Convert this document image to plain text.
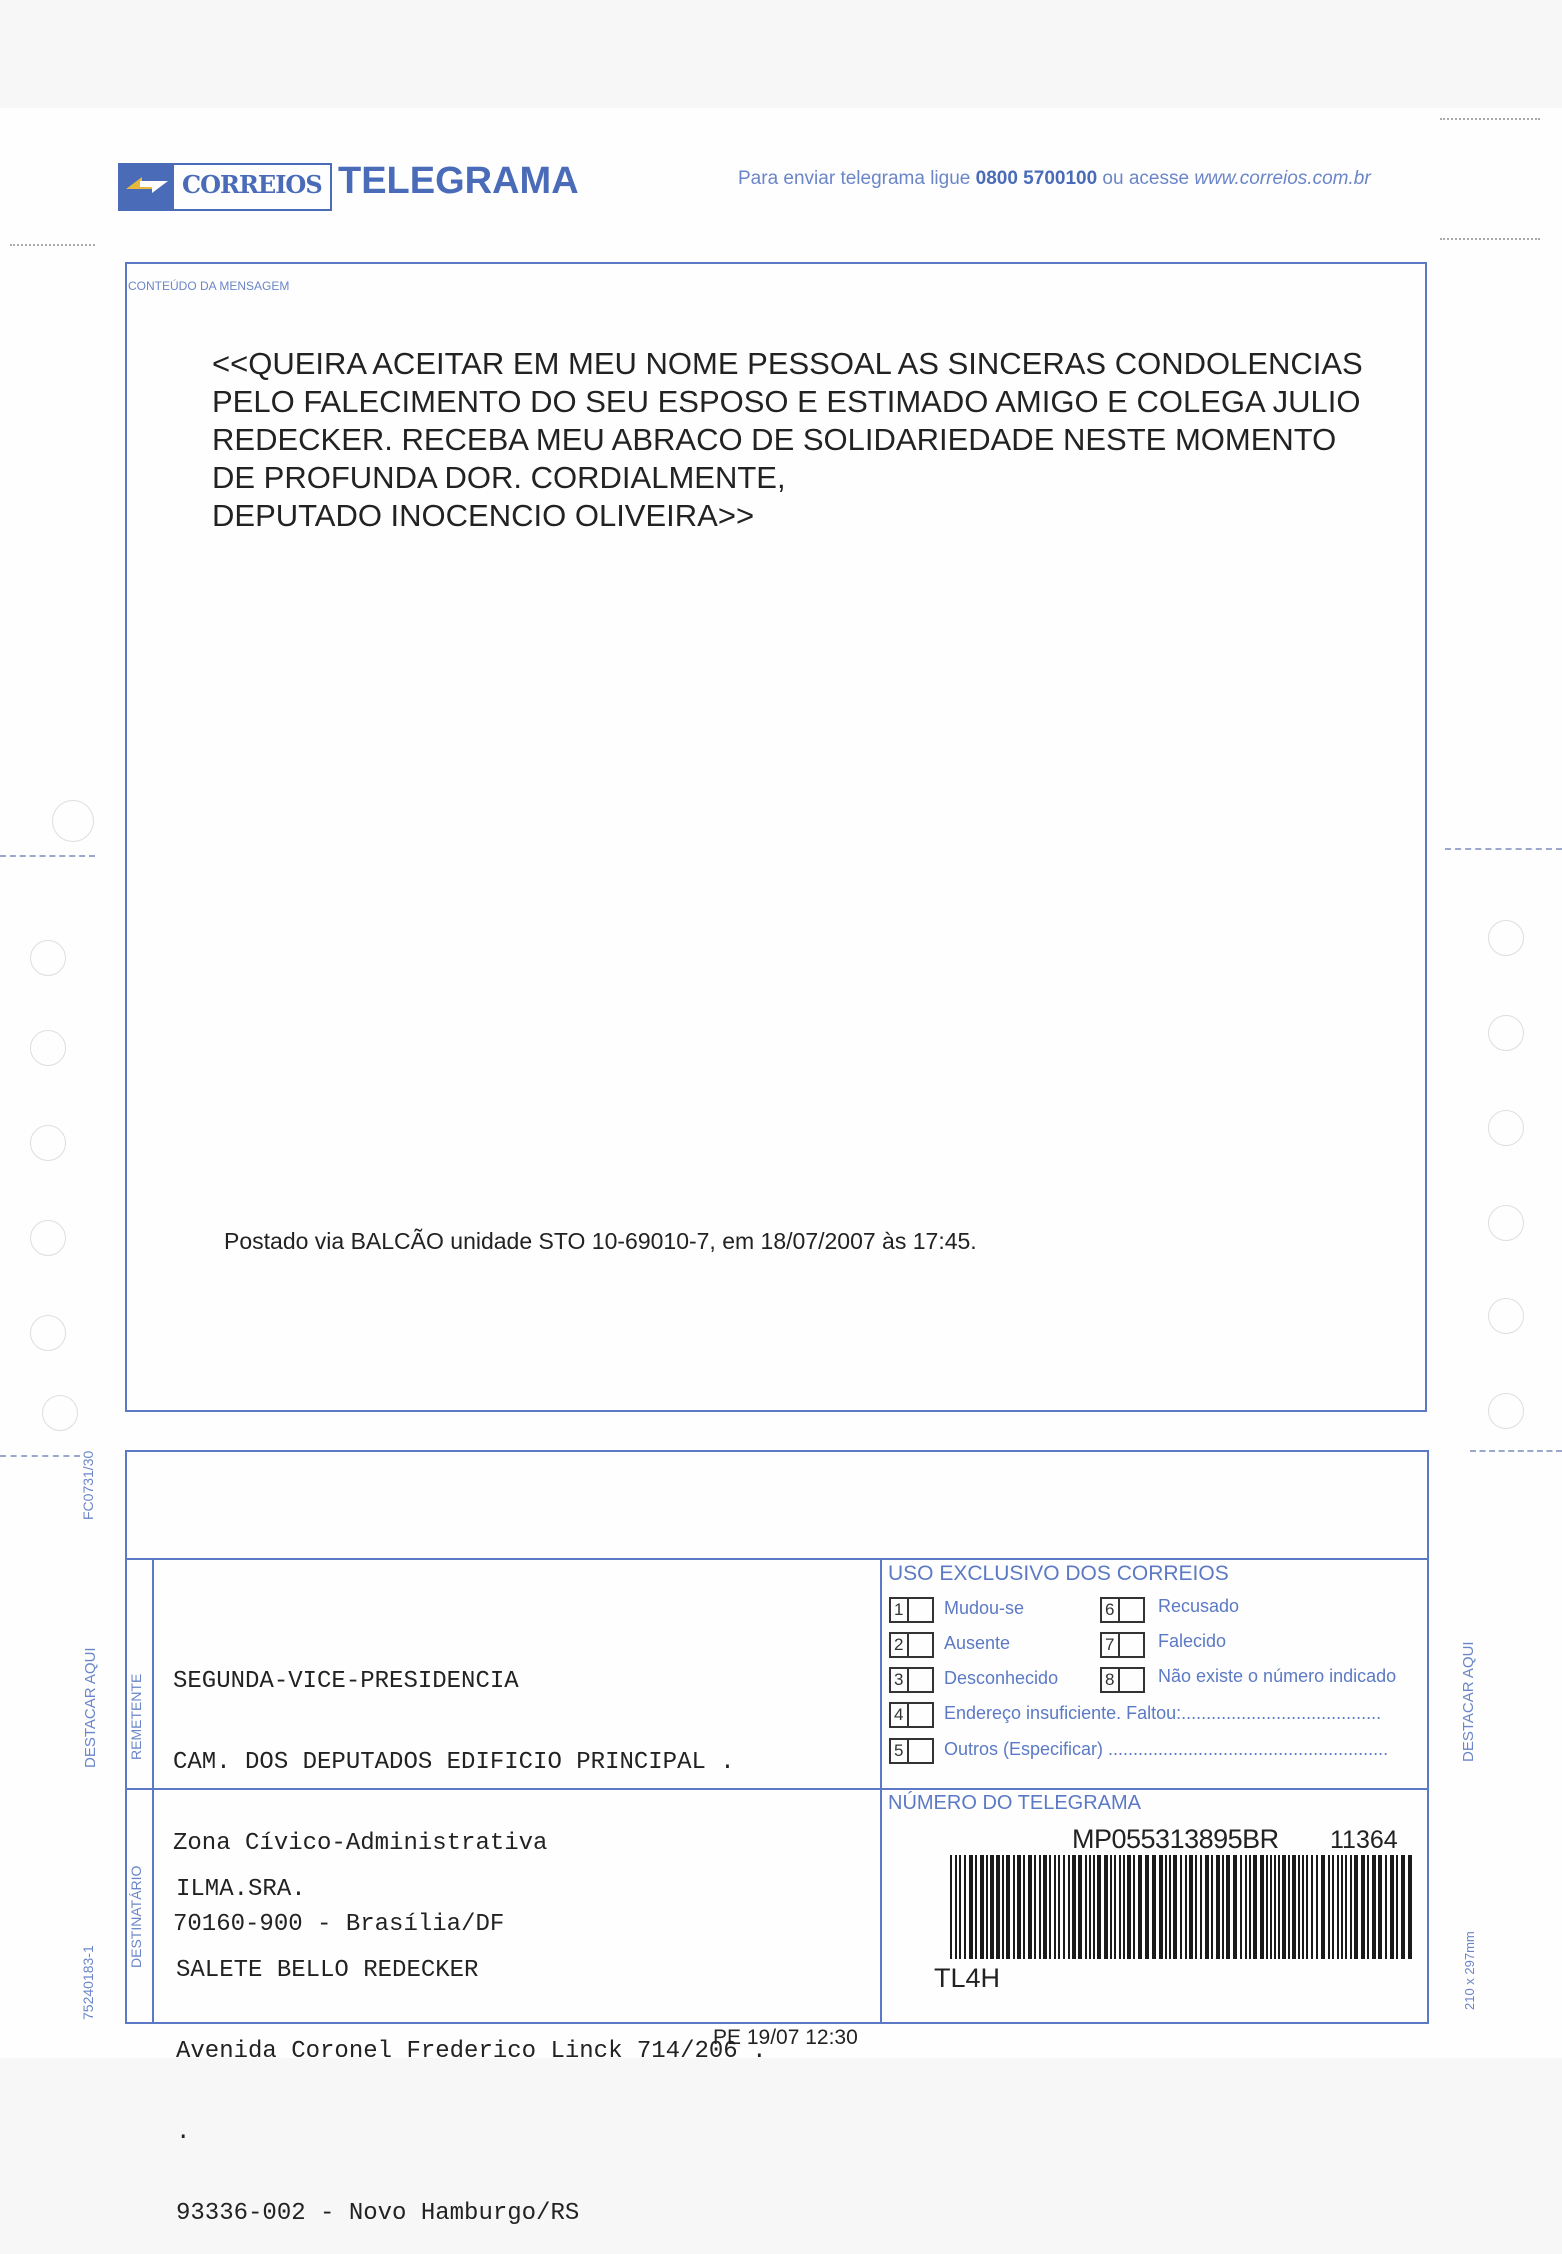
CORREIOS TELEGRAMA	Para enviar telegrama ligue 0800 5700100 ou acesse www.correios.com.br
CONTEÚDO DA MENSAGEM
<<QUEIRA ACEITAR EM MEU NOME PESSOAL AS SINCERAS CONDOLENCIAS
PELO FALECIMENTO DO SEU ESPOSO E ESTIMADO AMIGO E COLEGA JULIO
REDECKER. RECEBA MEU ABRACO DE SOLIDARIEDADE NESTE MOMENTO
DE PROFUNDA DOR. CORDIALMENTE,
DEPUTADO INOCENCIO OLIVEIRA>>
Postado via BALCÃO unidade STO 10-69010-7, em 18/07/2007 às 17:45.
REMETENTE
DESTINATÁRIO

SEGUNDA-VICE-PRESIDENCIA

CAM. DOS DEPUTADOS EDIFICIO PRINCIPAL .

Zona Cívico-Administrativa

70160-900 - Brasília/DF

ILMA.SRA.

SALETE BELLO REDECKER

Avenida Coronel Frederico Linck 714/206 .

.

93336-002 - Novo Hamburgo/RS

USO EXCLUSIVO DOS CORREIOS
1	Mudou-se
2	Ausente
3	Desconhecido
4	Endereço insuficiente. Faltou:........................................
5	Outros (Especificar) ........................................................
6	Recusado
7	Falecido
8	Não existe o número indicado
NÚMERO DO TELEGRAMA
MP055313895BR 11364
TL4H
FC0731/30
DESTACAR AQUI	DESTACAR AQUI
75240183-1	210 x 297mm
PE 19/07 12:30
